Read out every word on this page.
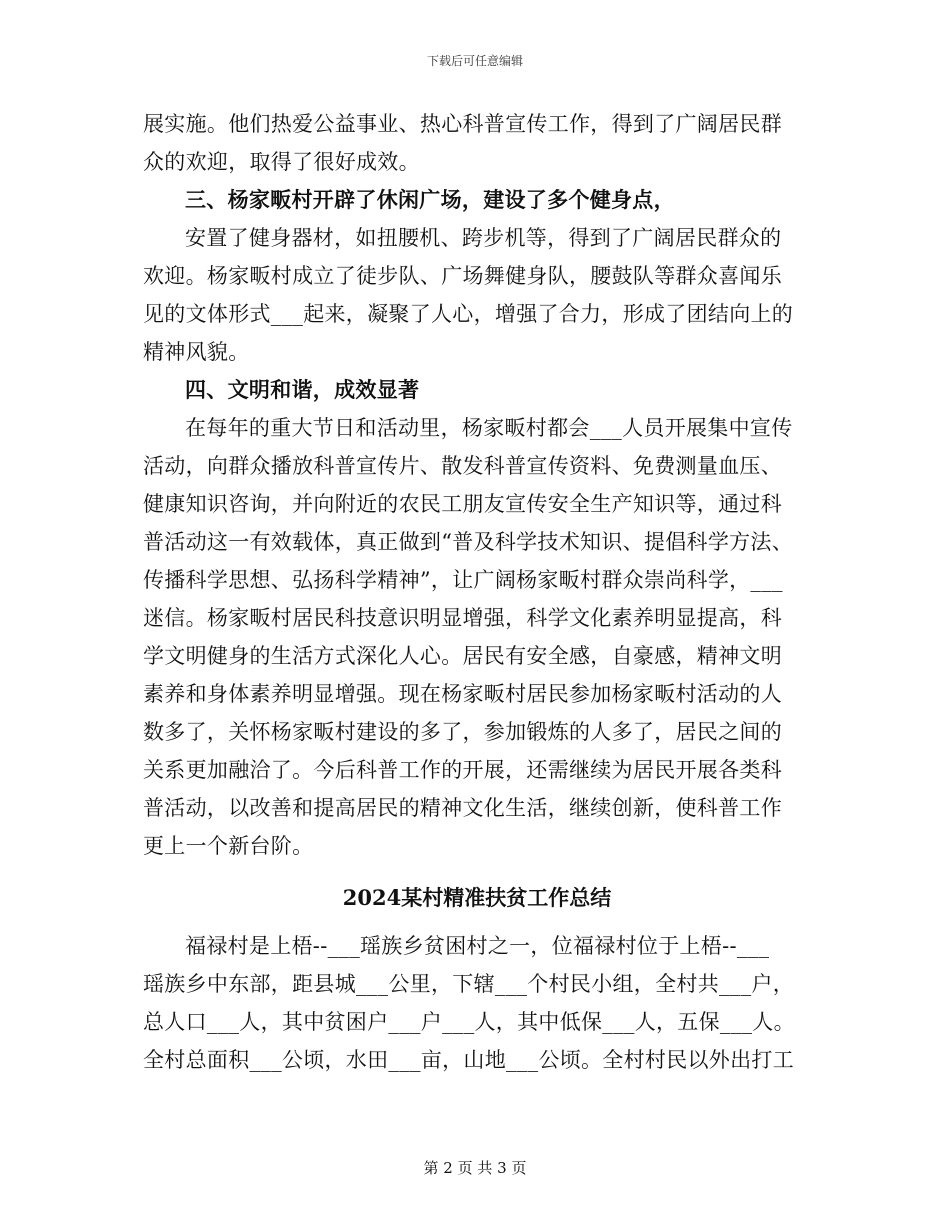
下载后可任意编辑
展实施。他们热爱公益事业、热心科普宣传工作，得到了广阔居民群
众的欢迎，取得了很好成效。
三、杨家畈村开辟了休闲广场，建设了多个健身点，
安置了健身器材，如扭腰机、跨步机等，得到了广阔居民群众的
欢迎。杨家畈村成立了徒步队、广场舞健身队，腰鼓队等群众喜闻乐
见的文体形式___起来，凝聚了人心，增强了合力，形成了团结向上的
精神风貌。
四、文明和谐，成效显著
在每年的重大节日和活动里，杨家畈村都会___人员开展集中宣传
活动，向群众播放科普宣传片、散发科普宣传资料、免费测量血压、
健康知识咨询，并向附近的农民工朋友宣传安全生产知识等，通过科
普活动这一有效载体，真正做到“普及科学技术知识、提倡科学方法、
传播科学思想、弘扬科学精神”，让广阔杨家畈村群众崇尚科学，___
迷信。杨家畈村居民科技意识明显增强，科学文化素养明显提高，科
学文明健身的生活方式深化人心。居民有安全感，自豪感，精神文明
素养和身体素养明显增强。现在杨家畈村居民参加杨家畈村活动的人
数多了，关怀杨家畈村建设的多了，参加锻炼的人多了，居民之间的
关系更加融洽了。今后科普工作的开展，还需继续为居民开展各类科
普活动，以改善和提高居民的精神文化生活，继续创新，使科普工作
更上一个新台阶。
2024某村精准扶贫工作总结
福禄村是上梧--___瑶族乡贫困村之一，位福禄村位于上梧--___
瑶族乡中东部，距县城___公里，下辖___个村民小组，全村共___户，
总人口___人，其中贫困户___户___人，其中低保___人，五保___人。
全村总面积___公顷，水田___亩，山地___公顷。全村村民以外出打工
第 2 页 共 3 页
